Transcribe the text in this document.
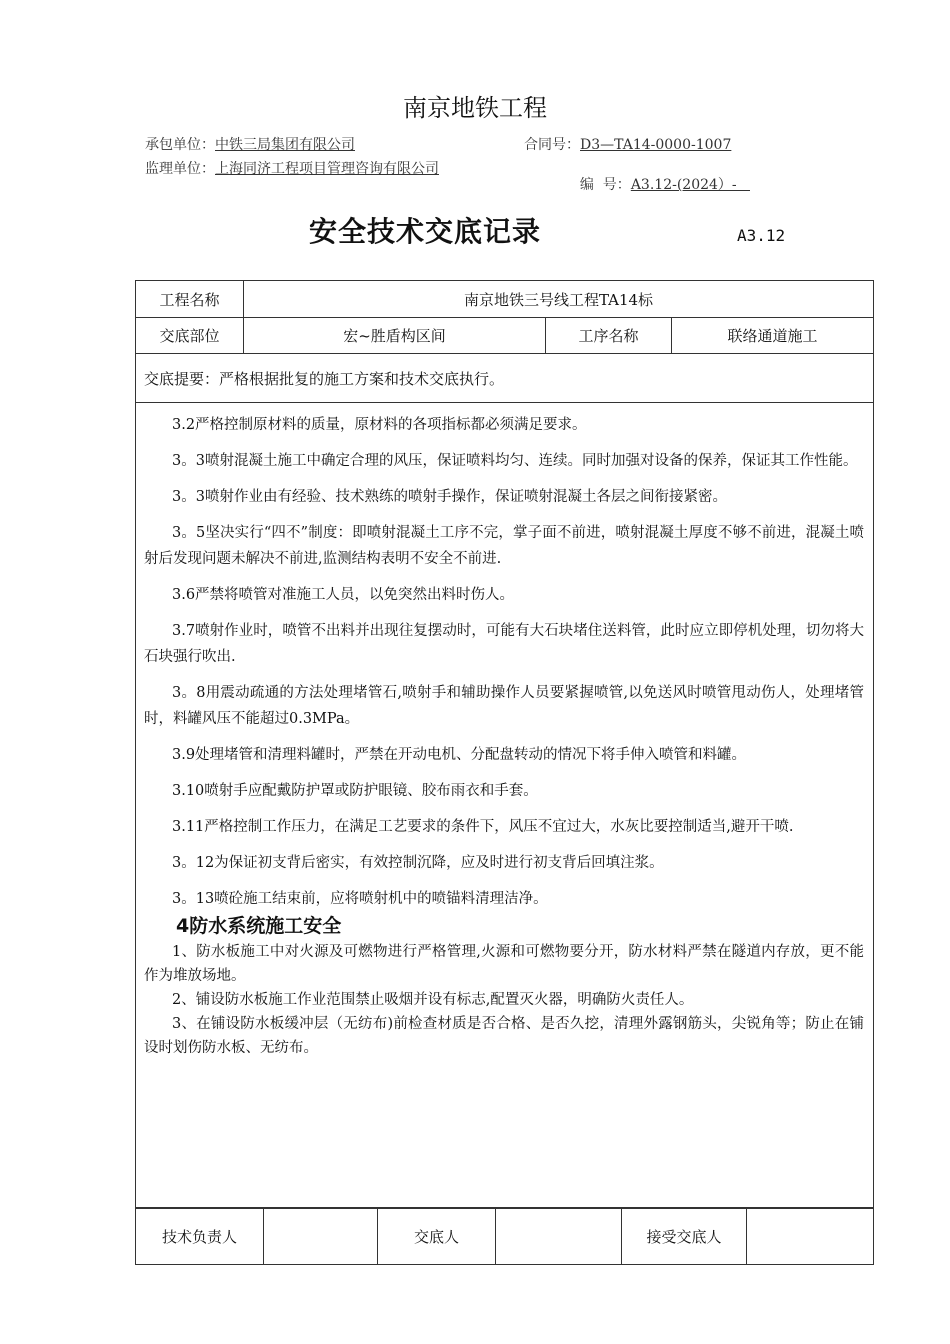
南京地铁工程
承包单位：中铁三局集团有限公司	合同号：D3—TA14-0000-1007
监理单位：上海同济工程项目管理咨询有限公司

编  号：A3.12-(2024）-

安全技术交底记录	A3.12
工程名称	南京地铁三号线工程TA14标		
交底部位	宏~胜盾构区间	工序名称	联络通道施工
交底提要：严格根据批复的施工方案和技术交底执行。			

3.2严格控制原材料的质量，原材料的各项指标都必须满足要求。

3。3喷射混凝土施工中确定合理的风压，保证喷料均匀、连续。同时加强对设备的保养，保证其工作性能。

3。3喷射作业由有经验、技术熟练的喷射手操作，保证喷射混凝土各层之间衔接紧密。

3。5坚决实行“四不”制度：即喷射混凝土工序不完，掌子面不前进，喷射混凝土厚度不够不前进，混凝土喷射后发现问题未解决不前进,监测结构表明不安全不前进.

3.6严禁将喷管对准施工人员，以免突然出料时伤人。

3.7喷射作业时，喷管不出料并出现往复摆动时，可能有大石块堵住送料管，此时应立即停机处理，切勿将大石块强行吹出.

3。8用震动疏通的方法处理堵管石,喷射手和辅助操作人员要紧握喷管,以免送风时喷管甩动伤人，处理堵管时，料罐风压不能超过0.3MPa。

3.9处理堵管和清理料罐时，严禁在开动电机、分配盘转动的情况下将手伸入喷管和料罐。

3.10喷射手应配戴防护罩或防护眼镜、胶布雨衣和手套。

3.11严格控制工作压力，在满足工艺要求的条件下，风压不宜过大，水灰比要控制适当,避开干喷.

3。12为保证初支背后密实，有效控制沉降，应及时进行初支背后回填注浆。

3。13喷砼施工结束前，应将喷射机中的喷锚料清理洁净。

4防水系统施工安全

1、防水板施工中对火源及可燃物进行严格管理,火源和可燃物要分开，防水材料严禁在隧道内存放，更不能作为堆放场地。

2、铺设防水板施工作业范围禁止吸烟并设有标志,配置灭火器，明确防火责任人。

3、在铺设防水板缓冲层（无纺布)前检查材质是否合格、是否久挖，清理外露钢筋头，尖锐角等；防止在铺设时划伤防水板、无纺布。

技术负责人		交底人		接受交底人	
